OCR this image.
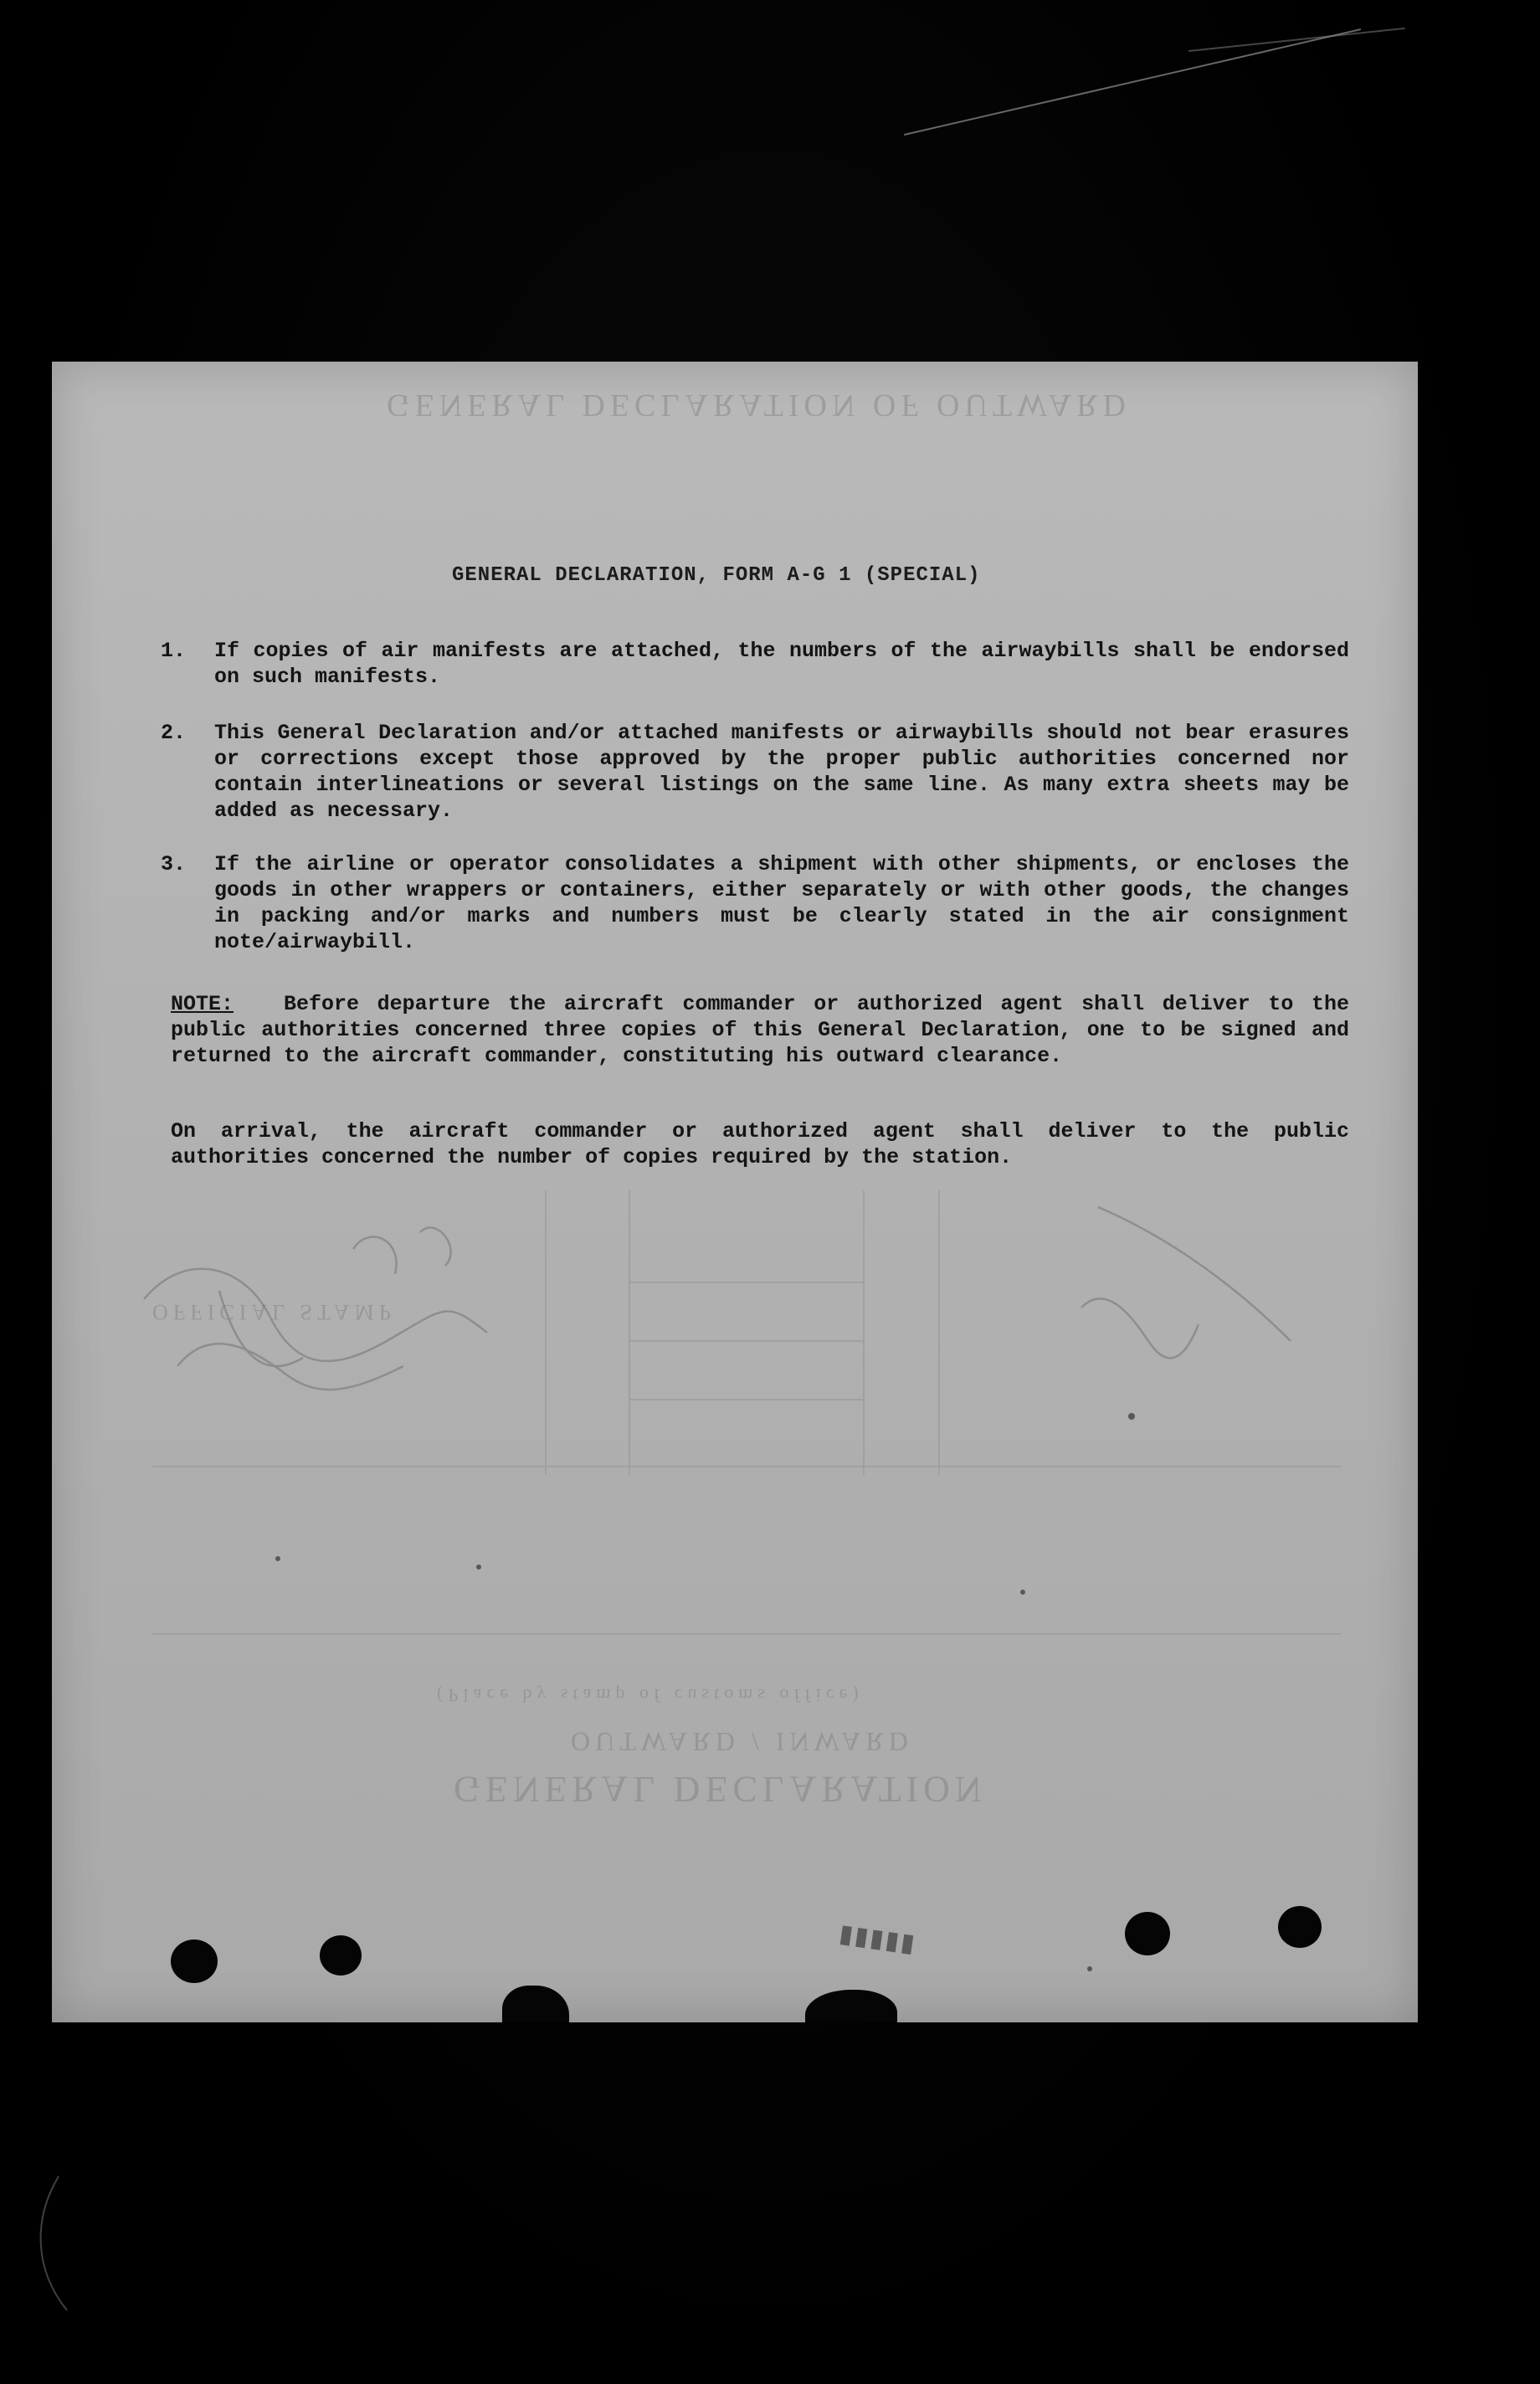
GENERAL DECLARATION OF OUTWARD
GENERAL DECLARATION
OUTWARD / INWARD
(Place by stamp of customs office)
OFFICIAL STAMP
GENERAL DECLARATION, FORM A-G 1 (SPECIAL)
1.	If copies of air manifests are attached, the numbers of the airwaybills shall be endorsed on such manifests.
2.	This General Declaration and/or attached manifests or airwaybills should not bear erasures or corrections except those approved by the proper public authorities concerned nor contain interlineations or several listings on the same line. As many extra sheets may be added as necessary.
3.	If the airline or operator consolidates a shipment with other shipments, or encloses the goods in other wrappers or containers, either separately or with other goods, the changes in packing and/or marks and numbers must be clearly stated in the air consignment note/airwaybill.
NOTE: Before departure the aircraft commander or authorized agent shall deliver to the public authorities concerned three copies of this General Declaration, one to be signed and returned to the aircraft commander, constituting his outward clearance.
On arrival, the aircraft commander or authorized agent shall deliver to the public authorities concerned the number of copies required by the station.
▮▮▮▮▮
